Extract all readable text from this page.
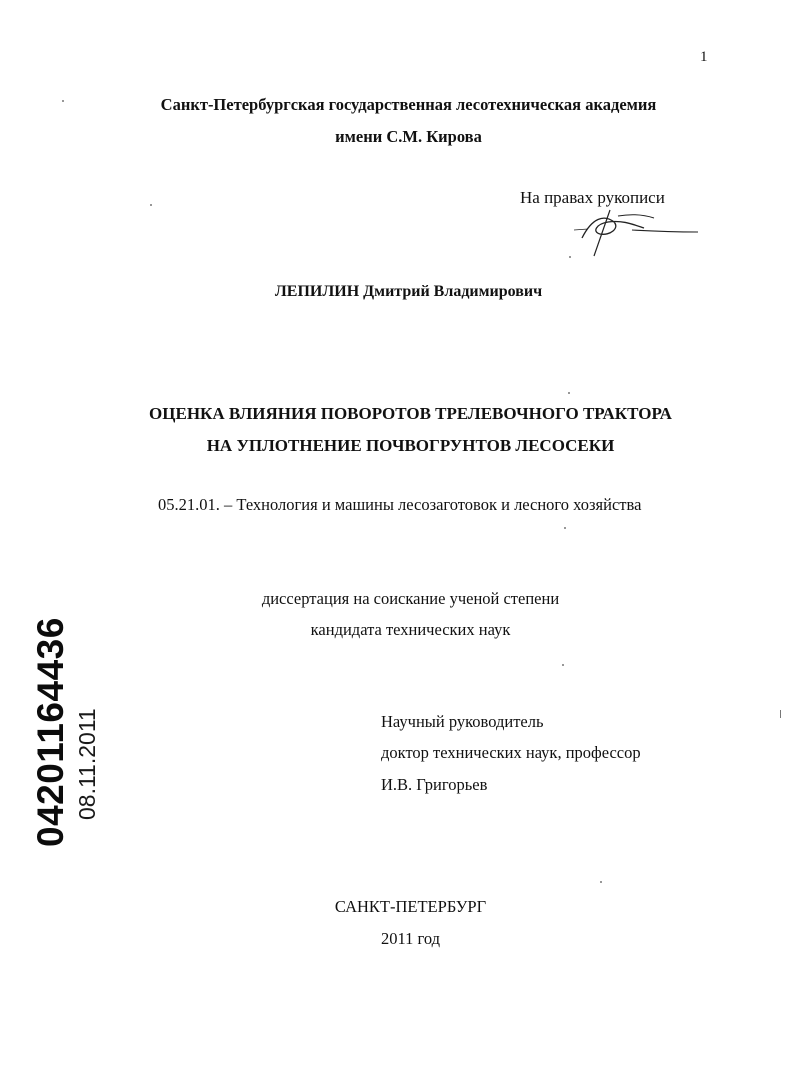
1
Санкт-Петербургская государственная лесотехническая академия
имени С.М. Кирова
На правах рукописи
ЛЕПИЛИН Дмитрий Владимирович
ОЦЕНКА ВЛИЯНИЯ ПОВОРОТОВ ТРЕЛЕВОЧНОГО ТРАКТОРА
НА УПЛОТНЕНИЕ ПОЧВОГРУНТОВ ЛЕСОСЕКИ
05.21.01. – Технология и машины лесозаготовок и лесного хозяйства
диссертация на соискание ученой степени
кандидата технических наук
Научный руководитель
доктор технических наук, профессор
И.В. Григорьев
САНКТ-ПЕТЕРБУРГ
2011 год
04201164436 08.11.2011
